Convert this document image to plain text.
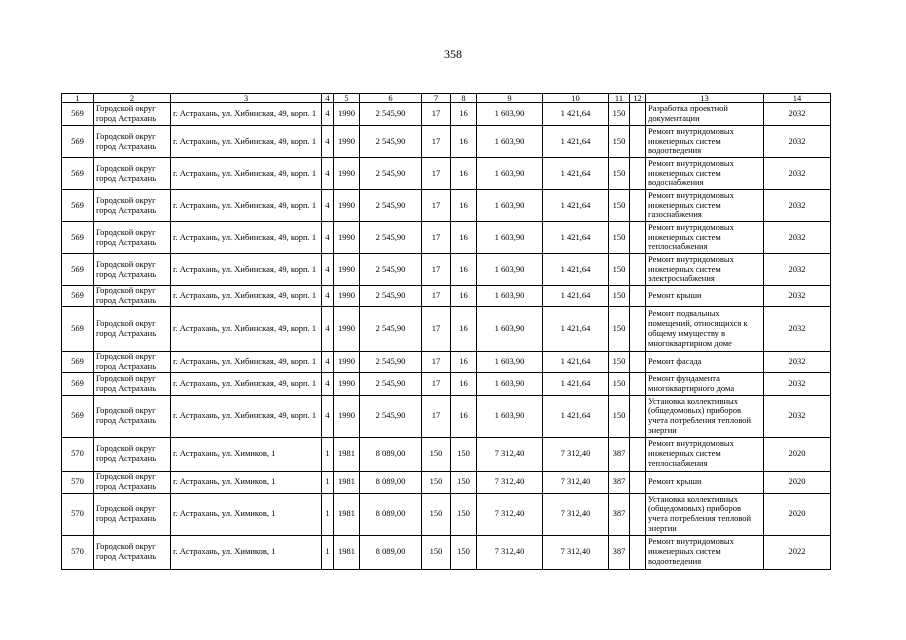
358
1	2	3	4	5	6	7	8	9	10	11	12	13	14
569	Городской округ город Астрахань	г. Астрахань, ул. Хибинская, 49, корп. 1	4	1990	2 545,90	17	16	1 603,90	1 421,64	150		Разработка проектной документации	2032
569	Городской округ город Астрахань	г. Астрахань, ул. Хибинская, 49, корп. 1	4	1990	2 545,90	17	16	1 603,90	1 421,64	150		Ремонт внутридомовых инженерных систем водоотведения	2032
569	Городской округ город Астрахань	г. Астрахань, ул. Хибинская, 49, корп. 1	4	1990	2 545,90	17	16	1 603,90	1 421,64	150		Ремонт внутридомовых инженерных систем водоснабжения	2032
569	Городской округ город Астрахань	г. Астрахань, ул. Хибинская, 49, корп. 1	4	1990	2 545,90	17	16	1 603,90	1 421,64	150		Ремонт внутридомовых инженерных систем газоснабжения	2032
569	Городской округ город Астрахань	г. Астрахань, ул. Хибинская, 49, корп. 1	4	1990	2 545,90	17	16	1 603,90	1 421,64	150		Ремонт внутридомовых инженерных систем теплоснабжения	2032
569	Городской округ город Астрахань	г. Астрахань, ул. Хибинская, 49, корп. 1	4	1990	2 545,90	17	16	1 603,90	1 421,64	150		Ремонт внутридомовых инженерных систем электроснабжения	2032
569	Городской округ город Астрахань	г. Астрахань, ул. Хибинская, 49, корп. 1	4	1990	2 545,90	17	16	1 603,90	1 421,64	150		Ремонт крыши	2032
569	Городской округ город Астрахань	г. Астрахань, ул. Хибинская, 49, корп. 1	4	1990	2 545,90	17	16	1 603,90	1 421,64	150		Ремонт подвальных помещений, относящихся к общему имуществу в многоквартирном доме	2032
569	Городской округ город Астрахань	г. Астрахань, ул. Хибинская, 49, корп. 1	4	1990	2 545,90	17	16	1 603,90	1 421,64	150		Ремонт фасада	2032
569	Городской округ город Астрахань	г. Астрахань, ул. Хибинская, 49, корп. 1	4	1990	2 545,90	17	16	1 603,90	1 421,64	150		Ремонт фундамента многоквартирного дома	2032
569	Городской округ город Астрахань	г. Астрахань, ул. Хибинская, 49, корп. 1	4	1990	2 545,90	17	16	1 603,90	1 421,64	150		Установка коллективных (общедомовых) приборов учета потребления тепловой энергии	2032
570	Городской округ город Астрахань	г. Астрахань, ул. Химиков, 1	1	1981	8 089,00	150	150	7 312,40	7 312,40	387		Ремонт внутридомовых инженерных систем теплоснабжения	2020
570	Городской округ город Астрахань	г. Астрахань, ул. Химиков, 1	1	1981	8 089,00	150	150	7 312,40	7 312,40	387		Ремонт крыши	2020
570	Городской округ город Астрахань	г. Астрахань, ул. Химиков, 1	1	1981	8 089,00	150	150	7 312,40	7 312,40	387		Установка коллективных (общедомовых) приборов учета потребления тепловой энергии	2020
570	Городской округ город Астрахань	г. Астрахань, ул. Химиков, 1	1	1981	8 089,00	150	150	7 312,40	7 312,40	387		Ремонт внутридомовых инженерных систем водоотведения	2022
